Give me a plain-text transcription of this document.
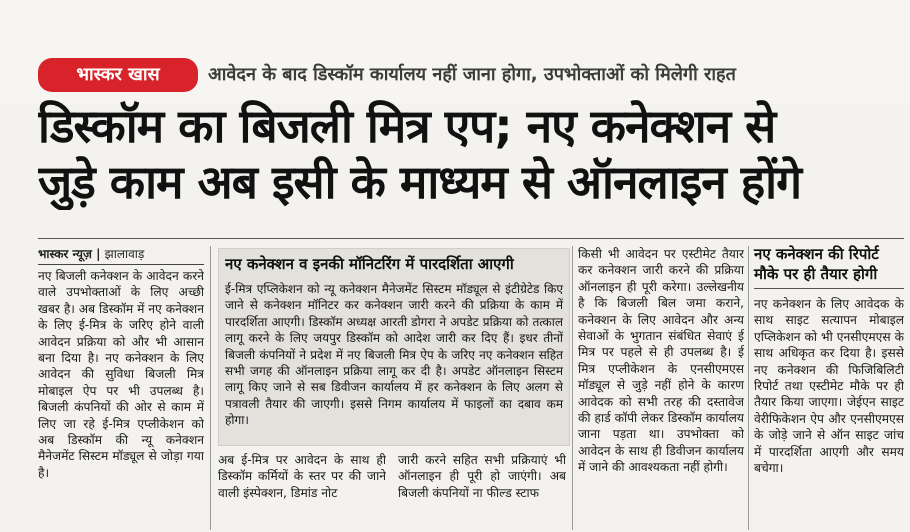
भास्कर खास	आवेदन के बाद डिस्कॉम कार्यालय नहीं जाना होगा, उपभोक्ताओं को मिलेगी राहत
डिस्कॉम का बिजली मित्र एप; नए कनेक्शन से
जुड़े काम अब इसी के माध्यम से ऑनलाइन होंगे
भास्कर न्यूज़ | झालावाड़
नए बिजली कनेक्शन के आवेदन करने वाले उपभोक्ताओं के लिए अच्छी खबर है। अब डिस्कॉम में नए कनेक्शन के लिए ई-मित्र के जरिए होने वाली आवेदन प्रक्रिया को और भी आसान बना दिया है। नए कनेक्शन के लिए आवेदन की सुविधा बिजली मित्र मोबाइल ऐप पर भी उपलब्ध है। बिजली कंपनियों की ओर से काम में लिए जा रहे ई-मित्र एप्लीकेशन को अब डिस्कॉम की न्यू कनेक्शन मैनेजमेंट सिस्टम मॉड्यूल से जोड़ा गया है।
नए कनेक्शन व इनकी मॉनिटरिंग में पारदर्शिता आएगी
ई-मित्र एप्लिकेशन को न्यू कनेक्शन मैनेजमेंट सिस्टम मॉड्यूल से इंटीग्रेटेड किए जाने से कनेक्शन मॉनिटर कर कनेक्शन जारी करने की प्रक्रिया के काम में पारदर्शिता आएगी। डिस्कॉम अध्यक्ष आरती डोगरा ने अपडेट प्रक्रिया को तत्काल लागू करने के लिए जयपुर डिस्कॉम को आदेश जारी कर दिए हैं। इधर तीनों बिजली कंपनियों ने प्रदेश में नए बिजली मित्र ऐप के जरिए नए कनेक्शन सहित सभी जगह की ऑनलाइन प्रक्रिया लागू कर दी है। अपडेट ऑनलाइन सिस्टम लागू किए जाने से सब डिवीजन कार्यालय में हर कनेक्शन के लिए अलग से पत्रावली तैयार की जाएगी। इससे निगम कार्यालय में फाइलों का दबाव कम होगा।
अब ई-मित्र पर आवेदन के साथ ही डिस्कॉम कर्मियों के स्तर पर की जाने वाली इंस्पेक्शन, डिमांड नोट
जारी करने सहित सभी प्रक्रियाएं भी ऑनलाइन ही पूरी हो जाएंगी। अब बिजली कंपनियों ना फील्ड स्टाफ
किसी भी आवेदन पर एस्टीमेट तैयार कर कनेक्शन जारी करने की प्रक्रिया ऑनलाइन ही पूरी करेगा। उल्लेखनीय है कि बिजली बिल जमा कराने, कनेक्शन के लिए आवेदन और अन्य सेवाओं के भुगतान संबंधित सेवाएं ई मित्र पर पहले से ही उपलब्ध है। ई मित्र एप्लीकेशन के एनसीएमएस मॉड्यूल से जुड़े नहीं होने के कारण आवेदक को सभी तरह की दस्तावेज की हार्ड कॉपी लेकर डिस्कॉम कार्यालय जाना पड़ता था। उपभोक्ता को आवेदन के साथ ही डिवीजन कार्यालय में जाने की आवश्यकता नहीं होगी।
नए कनेक्शन की रिपोर्ट मौके पर ही तैयार होगी
नए कनेक्शन के लिए आवेदक के साथ साइट सत्यापन मोबाइल एप्लिकेशन को भी एनसीएमएस के साथ अधिकृत कर दिया है। इससे नए कनेक्शन की फिजिबिलिटी रिपोर्ट तथा एस्टीमेट मौके पर ही तैयार किया जाएगा। जेईएन साइट वेरीफिकेशन ऐप और एनसीएमएस के जोड़े जाने से ऑन साइट जांच में पारदर्शिता आएगी और समय बचेगा।
